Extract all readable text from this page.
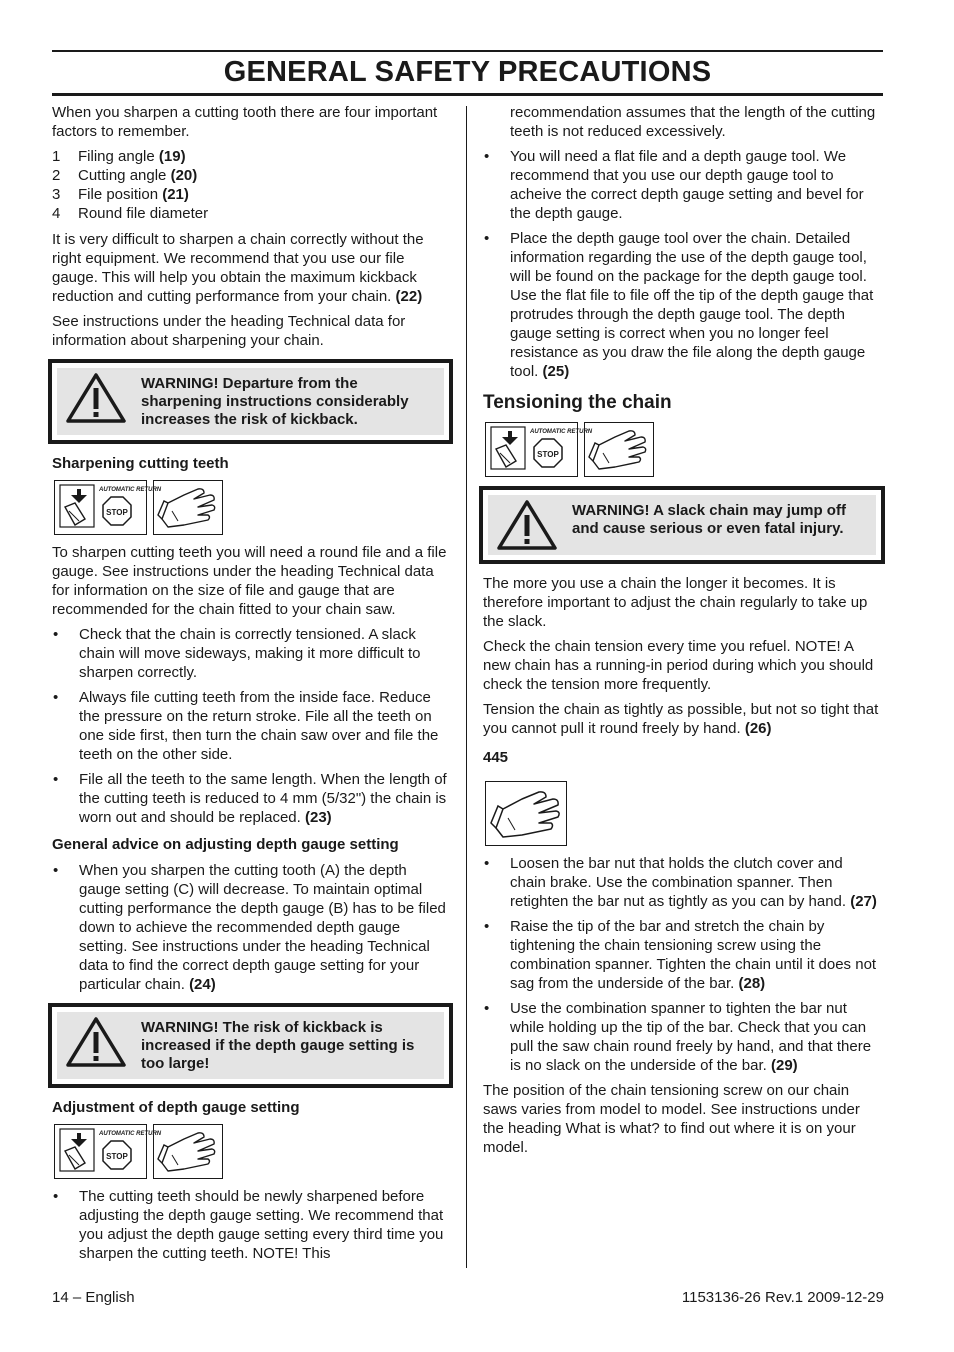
GENERAL SAFETY PRECAUTIONS

When you sharpen a cutting tooth there are four important factors to remember.

1	Filing angle (19)
2	Cutting angle (20)
3	File position (21)
4	Round file diameter

It is very difficult to sharpen a chain correctly without the right equipment. We recommend that you use our file gauge. This will help you obtain the maximum kickback reduction and cutting performance from your chain. (22)

See instructions under the heading Technical data for information about sharpening your chain.

WARNING! Departure from the sharpening instructions considerably increases the risk of kickback.
Sharpening cutting teeth
AUTOMATIC RETURN
STOP

To sharpen cutting teeth you will need a round file and a file gauge. See instructions under the heading Technical data for information on the size of file and gauge that are recommended for the chain fitted to your chain saw.

•	Check that the chain is correctly tensioned. A slack chain will move sideways, making it more difficult to sharpen correctly.
•	Always file cutting teeth from the inside face. Reduce the pressure on the return stroke. File all the teeth on one side first, then turn the chain saw over and file the teeth on the other side.
•	File all the teeth to the same length. When the length of the cutting teeth is reduced to 4 mm (5/32") the chain is worn out and should be replaced. (23)
General advice on adjusting depth gauge setting
•	When you sharpen the cutting tooth (A) the depth gauge setting (C) will decrease. To maintain optimal cutting performance the depth gauge (B) has to be filed down to achieve the recommended depth gauge setting. See instructions under the heading Technical data to find the correct depth gauge setting for your particular chain. (24)
WARNING! The risk of kickback is increased if the depth gauge setting is too large!
Adjustment of depth gauge setting
AUTOMATIC RETURN
STOP
•	The cutting teeth should be newly sharpened before adjusting the depth gauge setting. We recommend that you adjust the depth gauge setting every third time you sharpen the cutting teeth. NOTE! This
recommendation assumes that the length of the cutting teeth is not reduced excessively.
•	You will need a flat file and a depth gauge tool. We recommend that you use our depth gauge tool to acheive the correct depth gauge setting and bevel for the depth gauge.
•	Place the depth gauge tool over the chain. Detailed information regarding the use of the depth gauge tool, will be found on the package for the depth gauge tool. Use the flat file to file off the tip of the depth gauge that protrudes through the depth gauge tool. The depth gauge setting is correct when you no longer feel resistance as you draw the file along the depth gauge tool. (25)
Tensioning the chain
AUTOMATIC RETURN
STOP
WARNING! A slack chain may jump off and cause serious or even fatal injury.

The more you use a chain the longer it becomes. It is therefore important to adjust the chain regularly to take up the slack.

Check the chain tension every time you refuel. NOTE! A new chain has a running-in period during which you should check the tension more frequently.

Tension the chain as tightly as possible, but not so tight that you cannot pull it round freely by hand. (26)

445
•	Loosen the bar nut that holds the clutch cover and chain brake. Use the combination spanner. Then retighten the bar nut as tightly as you can by hand. (27)
•	Raise the tip of the bar and stretch the chain by tightening the chain tensioning screw using the combination spanner. Tighten the chain until it does not sag from the underside of the bar. (28)
•	Use the combination spanner to tighten the bar nut while holding up the tip of the bar. Check that you can pull the saw chain round freely by hand, and that there is no slack on the underside of the bar. (29)

The position of the chain tensioning screw on our chain saws varies from model to model. See instructions under the heading What is what? to find out where it is on your model.

14 – English	1153136-26 Rev.1 2009-12-29
